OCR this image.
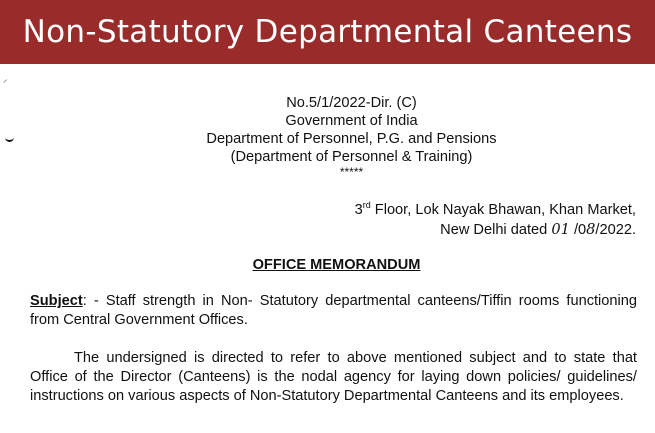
Non-Statutory Departmental Canteens
⸝
No.5/1/2022-Dir. (C)
Government of India
Department of Personnel, P.G. and Pensions
(Department of Personnel & Training)
*****
3rd Floor, Lok Nayak Bhawan, Khan Market,
New Delhi dated 01 /08/2022.
OFFICE MEMORANDUM
Subject: - Staff strength in Non- Statutory departmental canteens/Tiffin rooms functioning from Central Government Offices.
The undersigned is directed to refer to above mentioned subject and to state that Office of the Director (Canteens) is the nodal agency for laying down policies/ guidelines/ instructions on various aspects of Non-Statutory Departmental Canteens and its employees.
